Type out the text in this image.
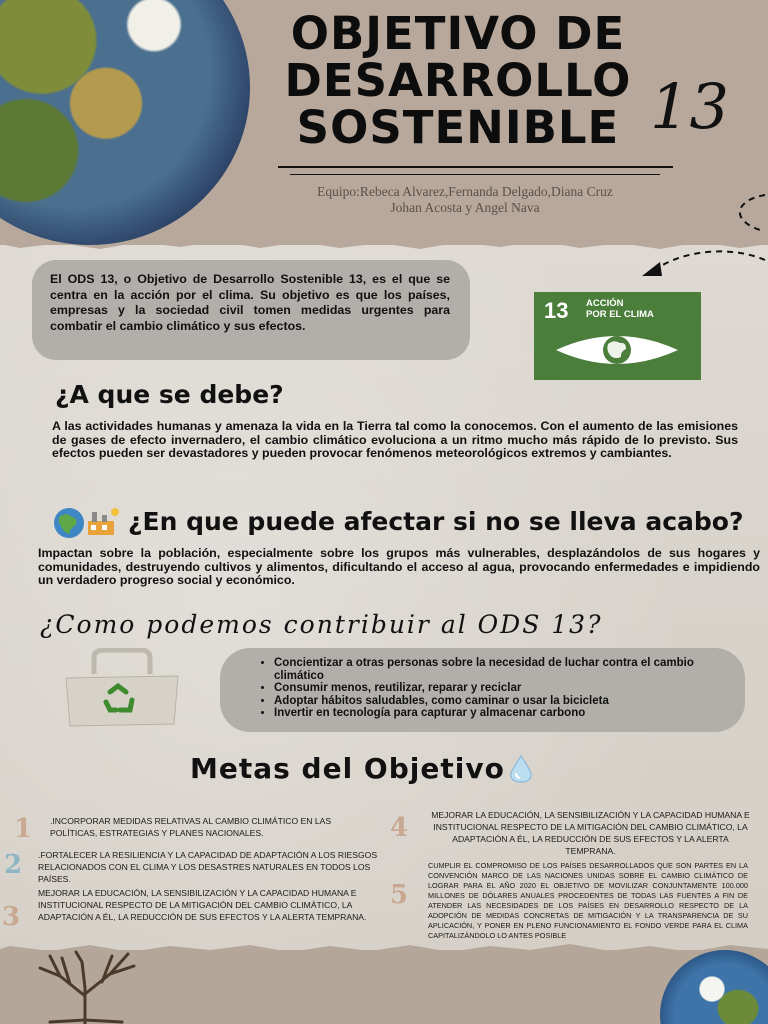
OBJETIVO DE
DESARROLLO
SOSTENIBLE 13

Equipo:Rebeca Alvarez,Fernanda Delgado,Diana Cruz
Johan Acosta y Angel Nava

El ODS 13, o Objetivo de Desarrollo Sostenible 13, es el que se centra en la acción por el clima. Su objetivo es que los países, empresas y la sociedad civil tomen medidas urgentes para combatir el cambio climático y sus efectos.

13 ACCIÓN
POR EL CLIMA
¿A que se debe?

A las actividades humanas y amenaza la vida en la Tierra tal como la conocemos. Con el aumento de las emisiones de gases de efecto invernadero, el cambio climático evoluciona a un ritmo mucho más rápido de lo previsto. Sus efectos pueden ser devastadores y pueden provocar fenómenos meteorológicos extremos y cambiantes.

¿En que puede afectar si no se lleva acabo?

Impactan sobre la población, especialmente sobre los grupos más vulnerables, desplazándolos de sus hogares y comunidades, destruyendo cultivos y alimentos, dificultando el acceso al agua, provocando enfermedades e impidiendo un verdadero progreso social y económico.

¿Como podemos contribuir al ODS 13?
• Concientizar a otras personas sobre la necesidad de luchar contra el cambio climático
• Consumir menos, reutilizar, reparar y reciclar
• Adoptar hábitos saludables, como caminar o usar la bicicleta
• Invertir en tecnología para capturar y almacenar carbono
Metas del Objetivo
1 .INCORPORAR MEDIDAS RELATIVAS AL CAMBIO CLIMÁTICO EN LAS POLÍTICAS, ESTRATEGIAS Y PLANES NACIONALES.

2 .FORTALECER LA RESILIENCIA Y LA CAPACIDAD DE ADAPTACIÓN A LOS RIESGOS RELACIONADOS CON EL CLIMA Y LOS DESASTRES NATURALES EN TODOS LOS PAÍSES.

3

MEJORAR LA EDUCACIÓN, LA SENSIBILIZACIÓN Y LA CAPACIDAD HUMANA E INSTITUCIONAL RESPECTO DE LA MITIGACIÓN DEL CAMBIO CLIMÁTICO, LA ADAPTACIÓN A ÉL, LA REDUCCIÓN DE SUS EFECTOS Y LA ALERTA TEMPRANA.

4	MEJORAR LA EDUCACIÓN, LA SENSIBILIZACIÓN Y LA CAPACIDAD HUMANA E INSTITUCIONAL RESPECTO DE LA MITIGACIÓN DEL CAMBIO CLIMÁTICO, LA ADAPTACIÓN A ÉL, LA REDUCCIÓN DE SUS EFECTOS Y LA ALERTA TEMPRANA.

5

CUMPLIR EL COMPROMISO DE LOS PAÍSES DESARROLLADOS QUE SON PARTES EN LA CONVENCIÓN MARCO DE LAS NACIONES UNIDAS SOBRE EL CAMBIO CLIMÁTICO DE LOGRAR PARA EL AÑO 2020 EL OBJETIVO DE MOVILIZAR CONJUNTAMENTE 100.000 MILLONES DE DÓLARES ANUALES PROCEDENTES DE TODAS LAS FUENTES A FIN DE ATENDER LAS NECESIDADES DE LOS PAÍSES EN DESARROLLO RESPECTO DE LA ADOPCIÓN DE MEDIDAS CONCRETAS DE MITIGACIÓN Y LA TRANSPARENCIA DE SU APLICACIÓN, Y PONER EN PLENO FUNCIONAMIENTO EL FONDO VERDE PARA EL CLIMA CAPITALIZÁNDOLO LO ANTES POSIBLE
